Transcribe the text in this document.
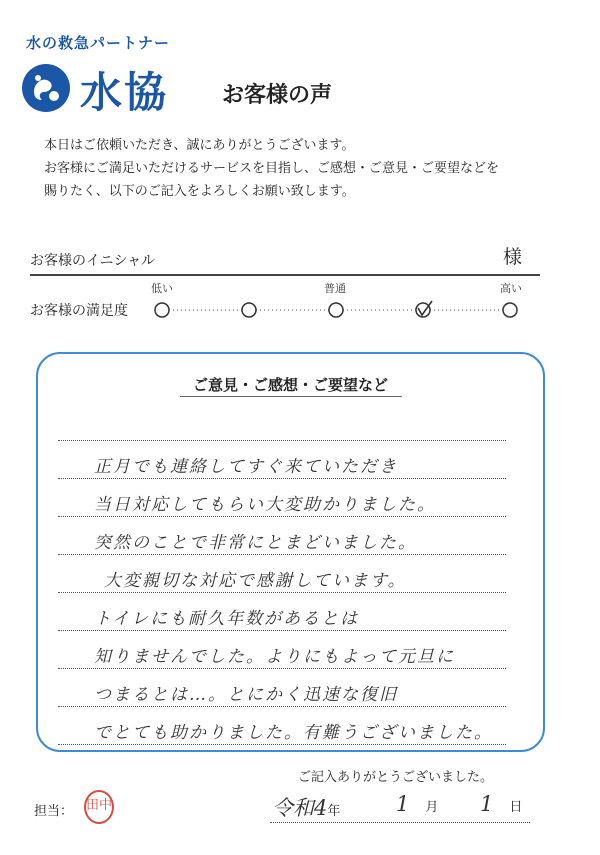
水の救急パートナー
水協 お客様の声
本日はご依頼いただき、誠にありがとうございます。
お客様にご満足いただけるサービスを目指し、ご感想・ご意見・ご要望などを
賜りたく、以下のご記入をよろしくお願い致します。
お客様のイニシャル	様
お客様の満足度
低い	普通	高い
ご意見・ご感想・ご要望など
正月でも連絡してすぐ来ていただき
当日対応してもらい大変助かりました。
突然のことで非常にとまどいました。
大変親切な対応で感謝しています。
トイレにも耐久年数があるとは
知りませんでした。よりにもよって元旦に
つまるとは…。とにかく迅速な復旧
でとても助かりました。有難うございました。
ご記入ありがとうございました。
担当： 田中	令和4年	1 月 1 日
